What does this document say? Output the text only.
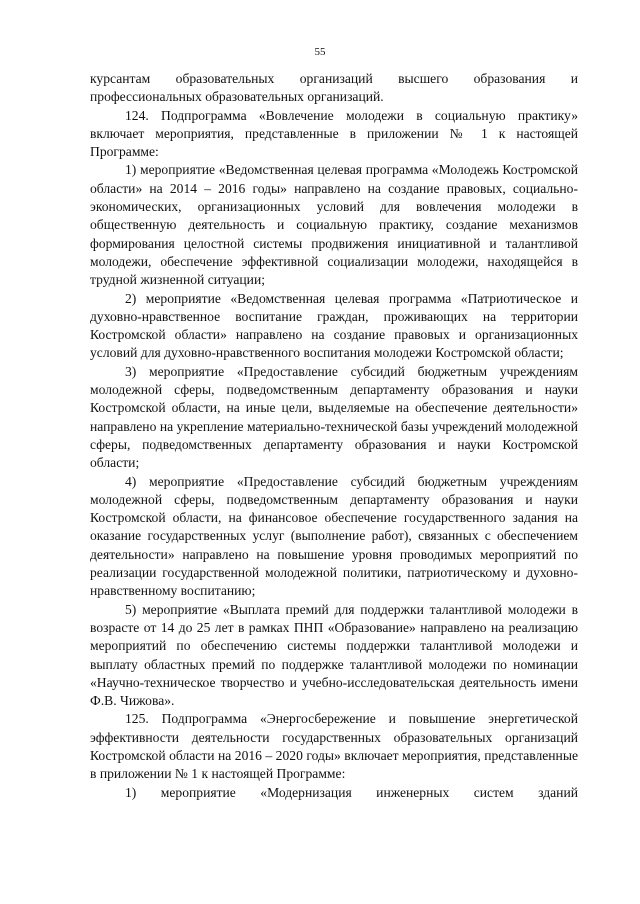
55

курсантам образовательных организаций высшего образования и профессиональных образовательных организаций.

124. Подпрограмма «Вовлечение молодежи в социальную практику» включает мероприятия, представленные в приложении № 1 к настоящей Программе:

1) мероприятие «Ведомственная целевая программа «Молодежь Костромской области» на 2014 – 2016 годы» направлено на создание правовых, социально-экономических, организационных условий для вовлечения молодежи в общественную деятельность и социальную практику, создание механизмов формирования целостной системы продвижения инициативной и талантливой молодежи, обеспечение эффективной социализации молодежи, находящейся в трудной жизненной ситуации;

2) мероприятие «Ведомственная целевая программа «Патриотическое и духовно-нравственное воспитание граждан, проживающих на территории Костромской области» направлено на создание правовых и организационных условий для духовно-нравственного воспитания молодежи Костромской области;

3) мероприятие «Предоставление субсидий бюджетным учреждениям молодежной сферы, подведомственным департаменту образования и науки Костромской области, на иные цели, выделяемые на обеспечение деятельности» направлено на укрепление материально-технической базы учреждений молодежной сферы, подведомственных департаменту образования и науки Костромской области;

4) мероприятие «Предоставление субсидий бюджетным учреждениям молодежной сферы, подведомственным департаменту образования и науки Костромской области, на финансовое обеспечение государственного задания на оказание государственных услуг (выполнение работ), связанных с обеспечением деятельности» направлено на повышение уровня проводимых мероприятий по реализации государственной молодежной политики, патриотическому и духовно-нравственному воспитанию;

5) мероприятие «Выплата премий для поддержки талантливой молодежи в возрасте от 14 до 25 лет в рамках ПНП «Образование» направлено на реализацию мероприятий по обеспечению системы поддержки талантливой молодежи и выплату областных премий по поддержке талантливой молодежи по номинации «Научно-техническое творчество и учебно-исследовательская деятельность имени Ф.В. Чижова».

125. Подпрограмма «Энергосбережение и повышение энергетической эффективности деятельности государственных образовательных организаций Костромской области на 2016 – 2020 годы» включает мероприятия, представленные в приложении № 1 к настоящей Программе:

1) мероприятие «Модернизация инженерных систем зданий
